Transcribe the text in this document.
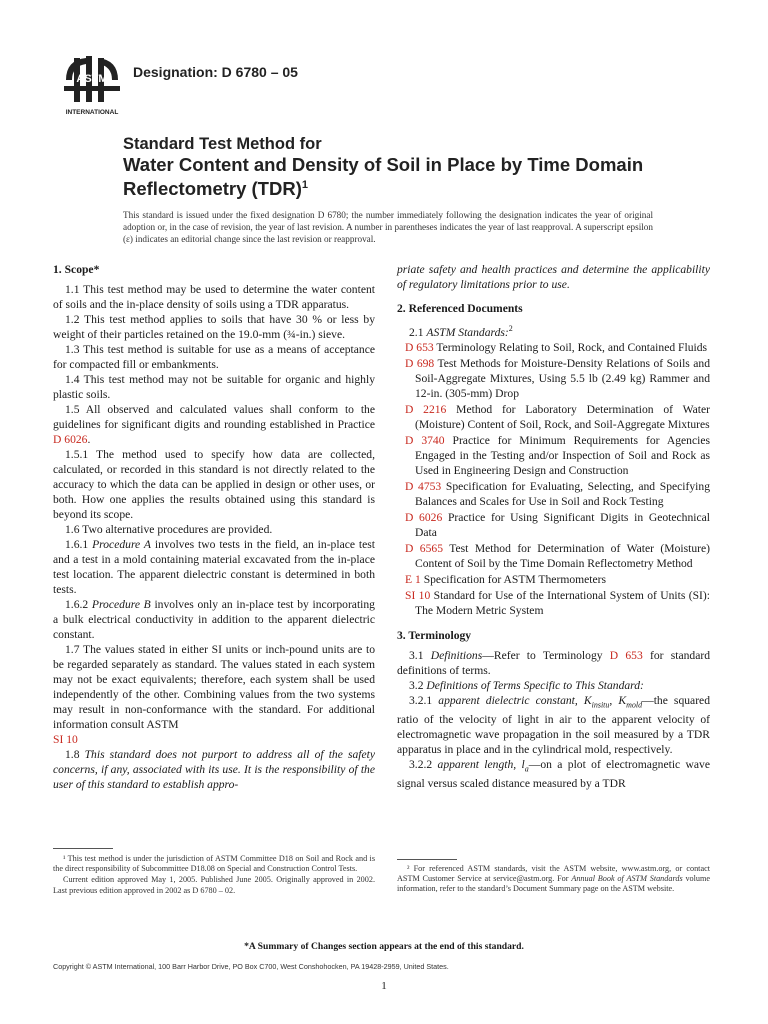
ASTM
INTERNATIONAL
Designation: D 6780 – 05
Standard Test Method for
Water Content and Density of Soil in Place by Time Domain Reflectometry (TDR)$^1$
This standard is issued under the fixed designation D 6780; the number immediately following the designation indicates the year of original adoption or, in the case of revision, the year of last revision. A number in parentheses indicates the year of last reapproval. A superscript epsilon (ε) indicates an editorial change since the last revision or reapproval.
1. Scope*

1.1 This test method may be used to determine the water content of soils and the in-place density of soils using a TDR apparatus.

1.2 This test method applies to soils that have 30 % or less by weight of their particles retained on the 19.0-mm (¾-in.) sieve.

1.3 This test method is suitable for use as a means of acceptance for compacted fill or embankments.

1.4 This test method may not be suitable for organic and highly plastic soils.

1.5 All observed and calculated values shall conform to the guidelines for significant digits and rounding established in Practice D 6026.

1.5.1 The method used to specify how data are collected, calculated, or recorded in this standard is not directly related to the accuracy to which the data can be applied in design or other uses, or both. How one applies the results obtained using this standard is beyond its scope.

1.6 Two alternative procedures are provided.

1.6.1 Procedure A involves two tests in the field, an in-place test and a test in a mold containing material excavated from the in-place test location. The apparent dielectric constant is determined in both tests.

1.6.2 Procedure B involves only an in-place test by incorporating a bulk electrical conductivity in addition to the apparent dielectric constant.

1.7 The values stated in either SI units or inch-pound units are to be regarded separately as standard. The values stated in each system may not be exact equivalents; therefore, each system shall be used independently of the other. Combining values from the two systems may result in non-conformance with the standard. For additional information consult ASTM
SI 10

1.8 This standard does not purport to address all of the safety concerns, if any, associated with its use. It is the responsibility of the user of this standard to establish appro-

priate safety and health practices and determine the applicability of regulatory limitations prior to use.

2. Referenced Documents

2.1 ASTM Standards:$^2$

D 653 Terminology Relating to Soil, Rock, and Contained Fluids

D 698 Test Methods for Moisture-Density Relations of Soils and Soil-Aggregate Mixtures, Using 5.5 lb (2.49 kg) Rammer and 12-in. (305-mm) Drop

D 2216 Method for Laboratory Determination of Water (Moisture) Content of Soil, Rock, and Soil-Aggregate Mixtures

D 3740 Practice for Minimum Requirements for Agencies Engaged in the Testing and/or Inspection of Soil and Rock as Used in Engineering Design and Construction

D 4753 Specification for Evaluating, Selecting, and Specifying Balances and Scales for Use in Soil and Rock Testing

D 6026 Practice for Using Significant Digits in Geotechnical Data

D 6565 Test Method for Determination of Water (Moisture) Content of Soil by the Time Domain Reflectometry Method

E 1 Specification for ASTM Thermometers

SI 10 Standard for Use of the International System of Units (SI): The Modern Metric System

3. Terminology

3.1 Definitions—Refer to Terminology D 653 for standard definitions of terms.

3.2 Definitions of Terms Specific to This Standard:

3.2.1 apparent dielectric constant, $K_{insitu}$, $K_{mold}—the$ squared ratio of the velocity of light in air to the apparent velocity of electromagnetic wave propagation in the soil measured by a TDR apparatus in place and in the cylindrical mold, respectively.

3.2.2 apparent length, $l_a—on$ a plot of electromagnetic wave signal versus scaled distance measured by a TDR

¹ This test method is under the jurisdiction of ASTM Committee D18 on Soil and Rock and is the direct responsibility of Subcommittee D18.08 on Special and Construction Control Tests.
Current edition approved May 1, 2005. Published June 2005. Originally approved in 2002. Last previous edition approved in 2002 as D 6780 – 02.
² For referenced ASTM standards, visit the ASTM website, www.astm.org, or contact ASTM Customer Service at service@astm.org. For Annual Book of ASTM Standards volume information, refer to the standard’s Document Summary page on the ASTM website.
*A Summary of Changes section appears at the end of this standard.
Copyright © ASTM International, 100 Barr Harbor Drive, PO Box C700, West Conshohocken, PA 19428-2959, United States.
1
